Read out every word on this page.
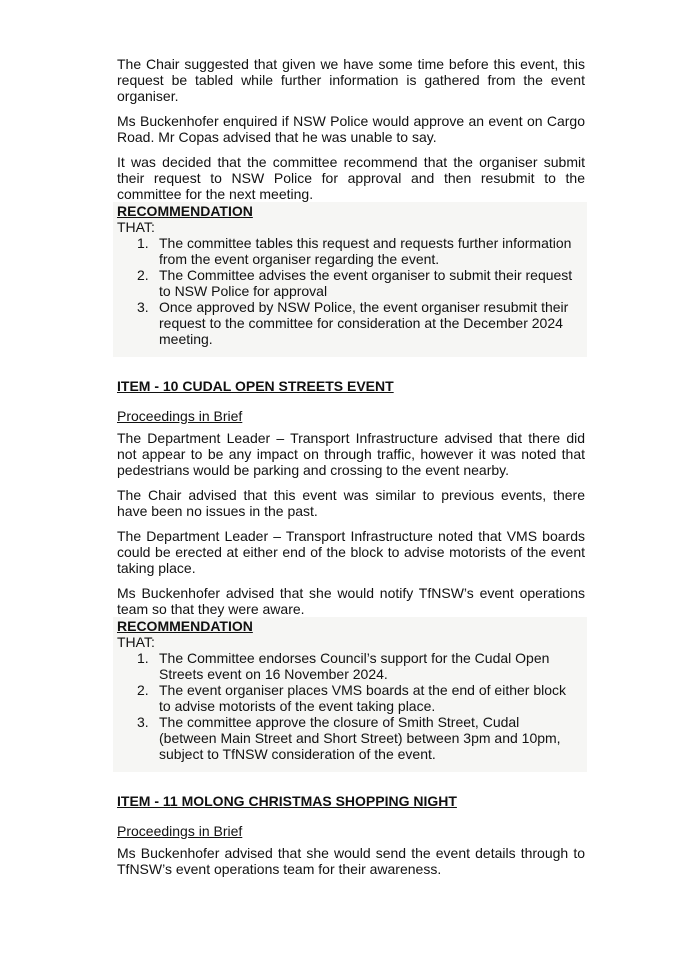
The Chair suggested that given we have some time before this event, this request be tabled while further information is gathered from the event organiser.

Ms Buckenhofer enquired if NSW Police would approve an event on Cargo Road. Mr Copas advised that he was unable to say.

It was decided that the committee recommend that the organiser submit their request to NSW Police for approval and then resubmit to the committee for the next meeting.

RECOMMENDATION
THAT:
1. The committee tables this request and requests further information from the event organiser regarding the event.
2. The Committee advises the event organiser to submit their request to NSW Police for approval
3. Once approved by NSW Police, the event organiser resubmit their request to the committee for consideration at the December 2024 meeting.
ITEM - 10 CUDAL OPEN STREETS EVENT
Proceedings in Brief

The Department Leader – Transport Infrastructure advised that there did not appear to be any impact on through traffic, however it was noted that pedestrians would be parking and crossing to the event nearby.

The Chair advised that this event was similar to previous events, there have been no issues in the past.

The Department Leader – Transport Infrastructure noted that VMS boards could be erected at either end of the block to advise motorists of the event taking place.

Ms Buckenhofer advised that she would notify TfNSW’s event operations team so that they were aware.

RECOMMENDATION
THAT:
1. The Committee endorses Council’s support for the Cudal Open Streets event on 16 November 2024.
2. The event organiser places VMS boards at the end of either block to advise motorists of the event taking place.
3. The committee approve the closure of Smith Street, Cudal (between Main Street and Short Street) between 3pm and 10pm, subject to TfNSW consideration of the event.
ITEM - 11 MOLONG CHRISTMAS SHOPPING NIGHT
Proceedings in Brief

Ms Buckenhofer advised that she would send the event details through to TfNSW’s event operations team for their awareness.
